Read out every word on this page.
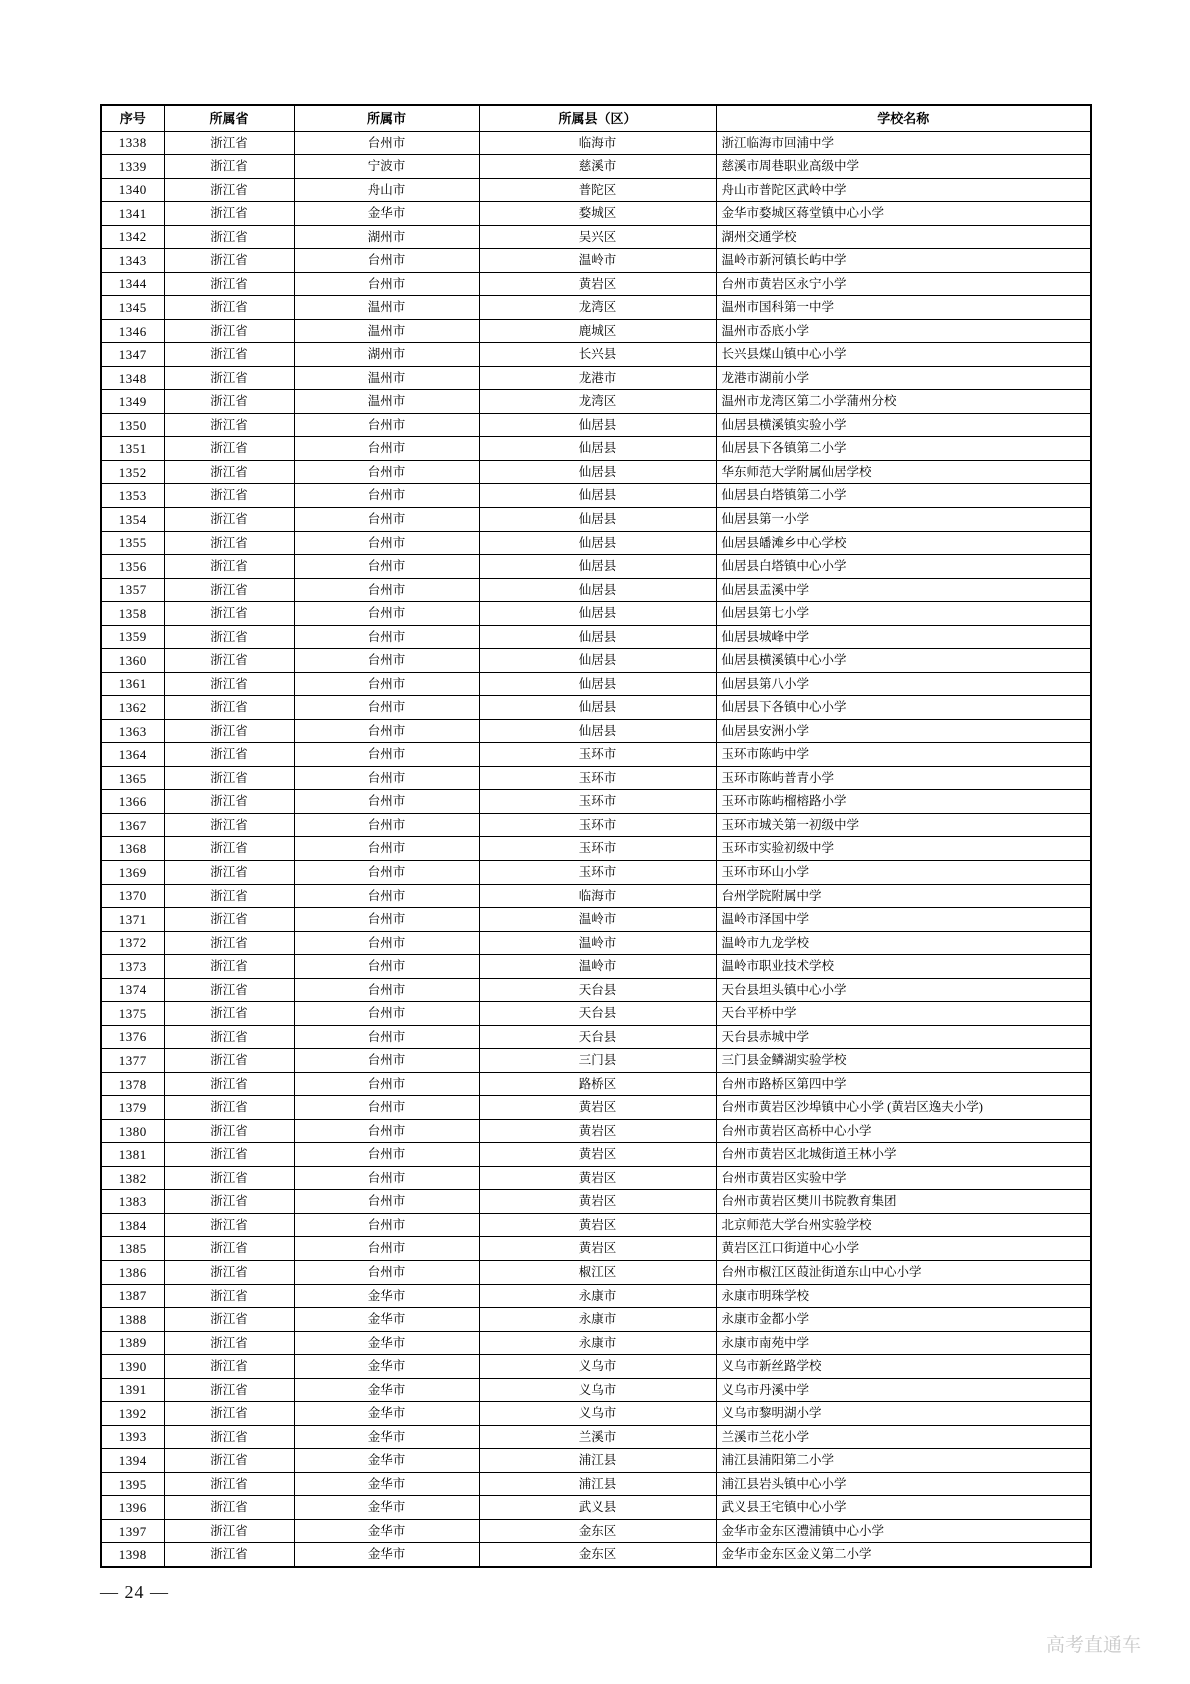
序号	所属省	所属市	所属县（区）	学校名称
1338	浙江省	台州市	临海市	浙江临海市回浦中学
1339	浙江省	宁波市	慈溪市	慈溪市周巷职业高级中学
1340	浙江省	舟山市	普陀区	舟山市普陀区武岭中学
1341	浙江省	金华市	婺城区	金华市婺城区蒋堂镇中心小学
1342	浙江省	湖州市	吴兴区	湖州交通学校
1343	浙江省	台州市	温岭市	温岭市新河镇长屿中学
1344	浙江省	台州市	黄岩区	台州市黄岩区永宁小学
1345	浙江省	温州市	龙湾区	温州市国科第一中学
1346	浙江省	温州市	鹿城区	温州市岙底小学
1347	浙江省	湖州市	长兴县	长兴县煤山镇中心小学
1348	浙江省	温州市	龙港市	龙港市湖前小学
1349	浙江省	温州市	龙湾区	温州市龙湾区第二小学蒲州分校
1350	浙江省	台州市	仙居县	仙居县横溪镇实验小学
1351	浙江省	台州市	仙居县	仙居县下各镇第二小学
1352	浙江省	台州市	仙居县	华东师范大学附属仙居学校
1353	浙江省	台州市	仙居县	仙居县白塔镇第二小学
1354	浙江省	台州市	仙居县	仙居县第一小学
1355	浙江省	台州市	仙居县	仙居县皤滩乡中心学校
1356	浙江省	台州市	仙居县	仙居县白塔镇中心小学
1357	浙江省	台州市	仙居县	仙居县盂溪中学
1358	浙江省	台州市	仙居县	仙居县第七小学
1359	浙江省	台州市	仙居县	仙居县城峰中学
1360	浙江省	台州市	仙居县	仙居县横溪镇中心小学
1361	浙江省	台州市	仙居县	仙居县第八小学
1362	浙江省	台州市	仙居县	仙居县下各镇中心小学
1363	浙江省	台州市	仙居县	仙居县安洲小学
1364	浙江省	台州市	玉环市	玉环市陈屿中学
1365	浙江省	台州市	玉环市	玉环市陈屿普青小学
1366	浙江省	台州市	玉环市	玉环市陈屿榴榕路小学
1367	浙江省	台州市	玉环市	玉环市城关第一初级中学
1368	浙江省	台州市	玉环市	玉环市实验初级中学
1369	浙江省	台州市	玉环市	玉环市环山小学
1370	浙江省	台州市	临海市	台州学院附属中学
1371	浙江省	台州市	温岭市	温岭市泽国中学
1372	浙江省	台州市	温岭市	温岭市九龙学校
1373	浙江省	台州市	温岭市	温岭市职业技术学校
1374	浙江省	台州市	天台县	天台县坦头镇中心小学
1375	浙江省	台州市	天台县	天台平桥中学
1376	浙江省	台州市	天台县	天台县赤城中学
1377	浙江省	台州市	三门县	三门县金鳞湖实验学校
1378	浙江省	台州市	路桥区	台州市路桥区第四中学
1379	浙江省	台州市	黄岩区	台州市黄岩区沙埠镇中心小学 (黄岩区逸夫小学)
1380	浙江省	台州市	黄岩区	台州市黄岩区高桥中心小学
1381	浙江省	台州市	黄岩区	台州市黄岩区北城街道王林小学
1382	浙江省	台州市	黄岩区	台州市黄岩区实验中学
1383	浙江省	台州市	黄岩区	台州市黄岩区樊川书院教育集团
1384	浙江省	台州市	黄岩区	北京师范大学台州实验学校
1385	浙江省	台州市	黄岩区	黄岩区江口街道中心小学
1386	浙江省	台州市	椒江区	台州市椒江区葭沚街道东山中心小学
1387	浙江省	金华市	永康市	永康市明珠学校
1388	浙江省	金华市	永康市	永康市金都小学
1389	浙江省	金华市	永康市	永康市南苑中学
1390	浙江省	金华市	义乌市	义乌市新丝路学校
1391	浙江省	金华市	义乌市	义乌市丹溪中学
1392	浙江省	金华市	义乌市	义乌市黎明湖小学
1393	浙江省	金华市	兰溪市	兰溪市兰花小学
1394	浙江省	金华市	浦江县	浦江县浦阳第二小学
1395	浙江省	金华市	浦江县	浦江县岩头镇中心小学
1396	浙江省	金华市	武义县	武义县王宅镇中心小学
1397	浙江省	金华市	金东区	金华市金东区澧浦镇中心小学
1398	浙江省	金华市	金东区	金华市金东区金义第二小学
— 24 —
高考直通车
